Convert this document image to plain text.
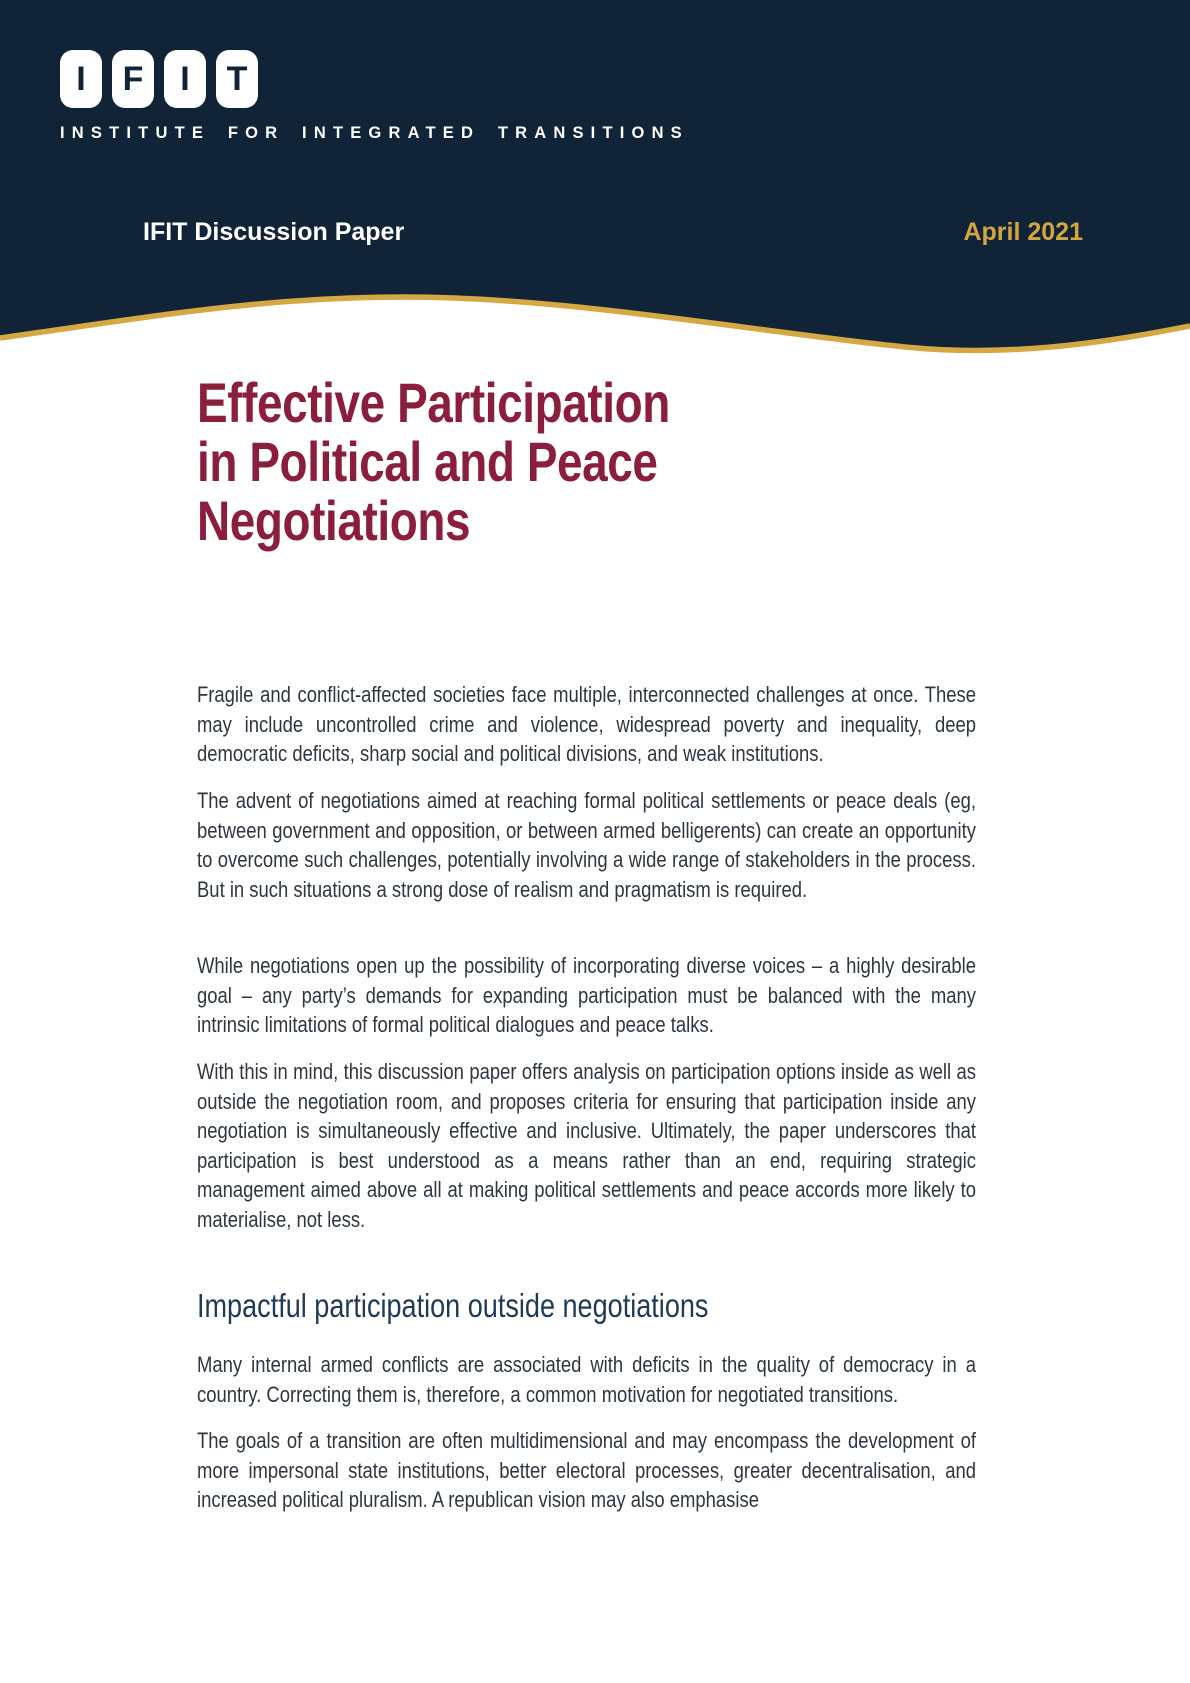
I	F	I	T
INSTITUTE FOR INTEGRATED TRANSITIONS
IFIT Discussion Paper	April 2021
Effective Participation
in Political and Peace
Negotiations

Fragile and conflict-affected societies face multiple, interconnected challenges at once. These may include uncontrolled crime and violence, widespread poverty and inequality, deep democratic deficits, sharp social and political divisions, and weak institutions.

The advent of negotiations aimed at reaching formal political settlements or peace deals (eg, between government and opposition, or between armed belligerents) can create an opportunity to overcome such challenges, potentially involving a wide range of stakeholders in the process. But in such situations a strong dose of realism and pragmatism is required.

While negotiations open up the possibility of incorporating diverse voices – a highly desirable goal – any party’s demands for expanding participation must be balanced with the many intrinsic limitations of formal political dialogues and peace talks.

With this in mind, this discussion paper offers analysis on participation options inside as well as outside the negotiation room, and proposes criteria for ensuring that participation inside any negotiation is simultaneously effective and inclusive. Ultimately, the paper underscores that participation is best understood as a means rather than an end, requiring strategic management aimed above all at making political settlements and peace accords more likely to materialise, not less.

Impactful participation outside negotiations

Many internal armed conflicts are associated with deficits in the quality of democracy in a country. Correcting them is, therefore, a common motivation for negotiated transitions.

The goals of a transition are often multidimensional and may encompass the development of more impersonal state institutions, better electoral processes, greater decentralisation, and increased political pluralism. A republican vision may also emphasise
